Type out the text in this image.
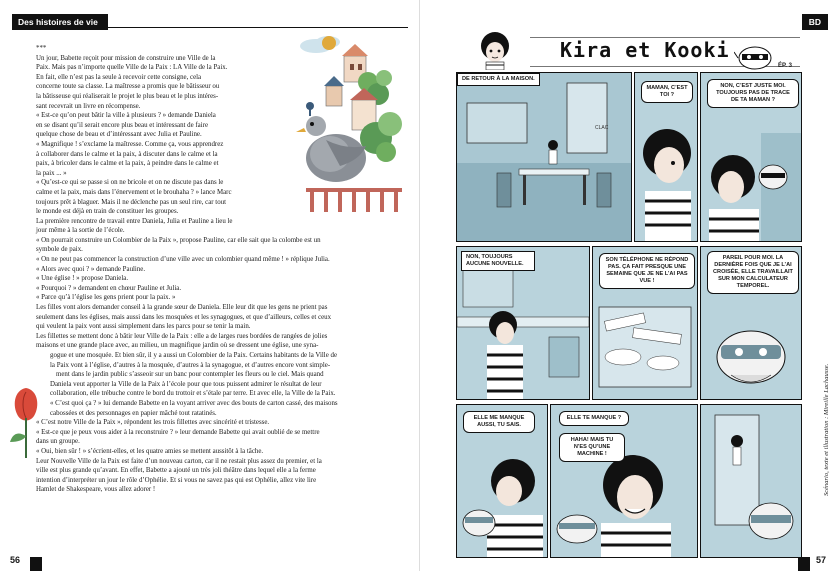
Des histoires de vie

***

Un jour, Babette reçoit pour mission de construire une Ville de la

Paix. Mais pas n’importe quelle Ville de la Paix : LA Ville de la Paix.

En fait, elle n’est pas la seule à recevoir cette consigne, cela

concerne toute sa classe. La maîtresse a promis que le bâtisseur ou

la bâtisseuse qui réaliserait le projet le plus beau et le plus intéres-

sant recevrait un livre en récompense.

« Est-ce qu’on peut bâtir la ville à plusieurs ? » demande Daniela

en se disant qu’il serait encore plus beau et intéressant de faire

quelque chose de beau et d’intéressant avec Julia et Pauline.

« Magnifique ! s’exclame la maîtresse. Comme ça, vous apprendrez

à collaborer dans le calme et la paix, à discuter dans le calme et la

paix, à bricoler dans le calme et la paix, à peindre dans le calme et

la paix ... »

« Qu’est-ce qui se passe si on ne bricole et on ne discute pas dans le

calme et la paix, mais dans l’énervement et le brouhaha ? » lance Marc

toujours prêt à blaguer. Mais il ne déclenche pas un seul rire, car tout

le monde est déjà en train de constituer les groupes.

La première rencontre de travail entre Daniela, Julia et Pauline a lieu le

jour même à la sortie de l’école.

« On pourrait construire un Colombier de la Paix », propose Pauline, car elle sait que la colombe est un

symbole de paix.

« On ne peut pas commencer la construction d’une ville avec un colombier quand même ! » réplique Julia.

« Alors avec quoi ? » demande Pauline.

« Une église ! » propose Daniela.

« Pourquoi ? » demandent en chœur Pauline et Julia.

« Parce qu’à l’église les gens prient pour la paix. »

Les filles vont alors demander conseil à la grande sœur de Daniela. Elle leur dit que les gens ne prient pas

seulement dans les églises, mais aussi dans les mosquées et les synagogues, et que d’ailleurs, celles et ceux

qui veulent la paix vont aussi simplement dans les parcs pour se tenir la main.

Les fillettes se mettent donc à bâtir leur Ville de la Paix : elle a de larges rues bordées de rangées de jolies

maisons et une grande place avec, au milieu, un magnifique jardin où se dressent une église, une syna-

gogue et une mosquée. Et bien sûr, il y a aussi un Colombier de la Paix. Certains habitants de la Ville de

la Paix vont à l’église, d’autres à la mosquée, d’autres à la synagogue, et d’autres encore vont simple-

ment dans le jardin public s’asseoir sur un banc pour contempler les fleurs ou le ciel. Mais quand

Daniela veut apporter la Ville de la Paix à l’école pour que tous puissent admirer le résultat de leur

collaboration, elle trébuche contre le bord du trottoir et s’étale par terre. Et avec elle, la Ville de la Paix.

« C’est quoi ça ? » lui demande Babette en la voyant arriver avec des bouts de carton cassé, des maisons

cabossées et des personnages en papier mâché tout ratatinés.

« C’est notre Ville de la Paix », répondent les trois fillettes avec sincérité et tristesse.

« Est-ce que je peux vous aider à la reconstruire ? » leur demande Babette qui avait oublié de se mettre

dans un groupe.

« Oui, bien sûr ! » s’écrient-elles, et les quatre amies se mettent aussitôt à la tâche.

Leur Nouvelle Ville de la Paix est faite d’un nouveau carton, car il ne restait plus assez du premier, et la

ville est plus grande qu’avant. En effet, Babette a ajouté un très joli théâtre dans lequel elle a la ferme

intention d’interpréter un jour le rôle d’Ophélie. Et si vous ne savez pas qui est Ophélie, allez vite lire

Hamlet de Shakespeare, vous allez adorer !

56
BD
Kira et Kooki
ÉP. 3
DE RETOUR À LA MAISON.
CLAC
MAMAN, C’EST TOI ?
NON, C’EST JUSTE MOI. TOUJOURS PAS DE TRACE DE TA MAMAN ?
NON, TOUJOURS AUCUNE NOUVELLE.
SON TÉLÉPHONE NE RÉPOND PAS. ÇA FAIT PRESQUE UNE SEMAINE QUE JE NE L’AI PAS VUE !
PAREIL POUR MOI. LA DERNIÈRE FOIS QUE JE L’AI CROISÉE, ELLE TRAVAILLAIT SUR MON CALCULATEUR TEMPOREL.
ELLE ME MANQUE AUSSI, TU SAIS.
ELLE TE MANQUE ?
HAHA! MAIS TU N’ES QU’UNE MACHINE !	Scénario, texte et illustration : Mireille Lachausse.
57
